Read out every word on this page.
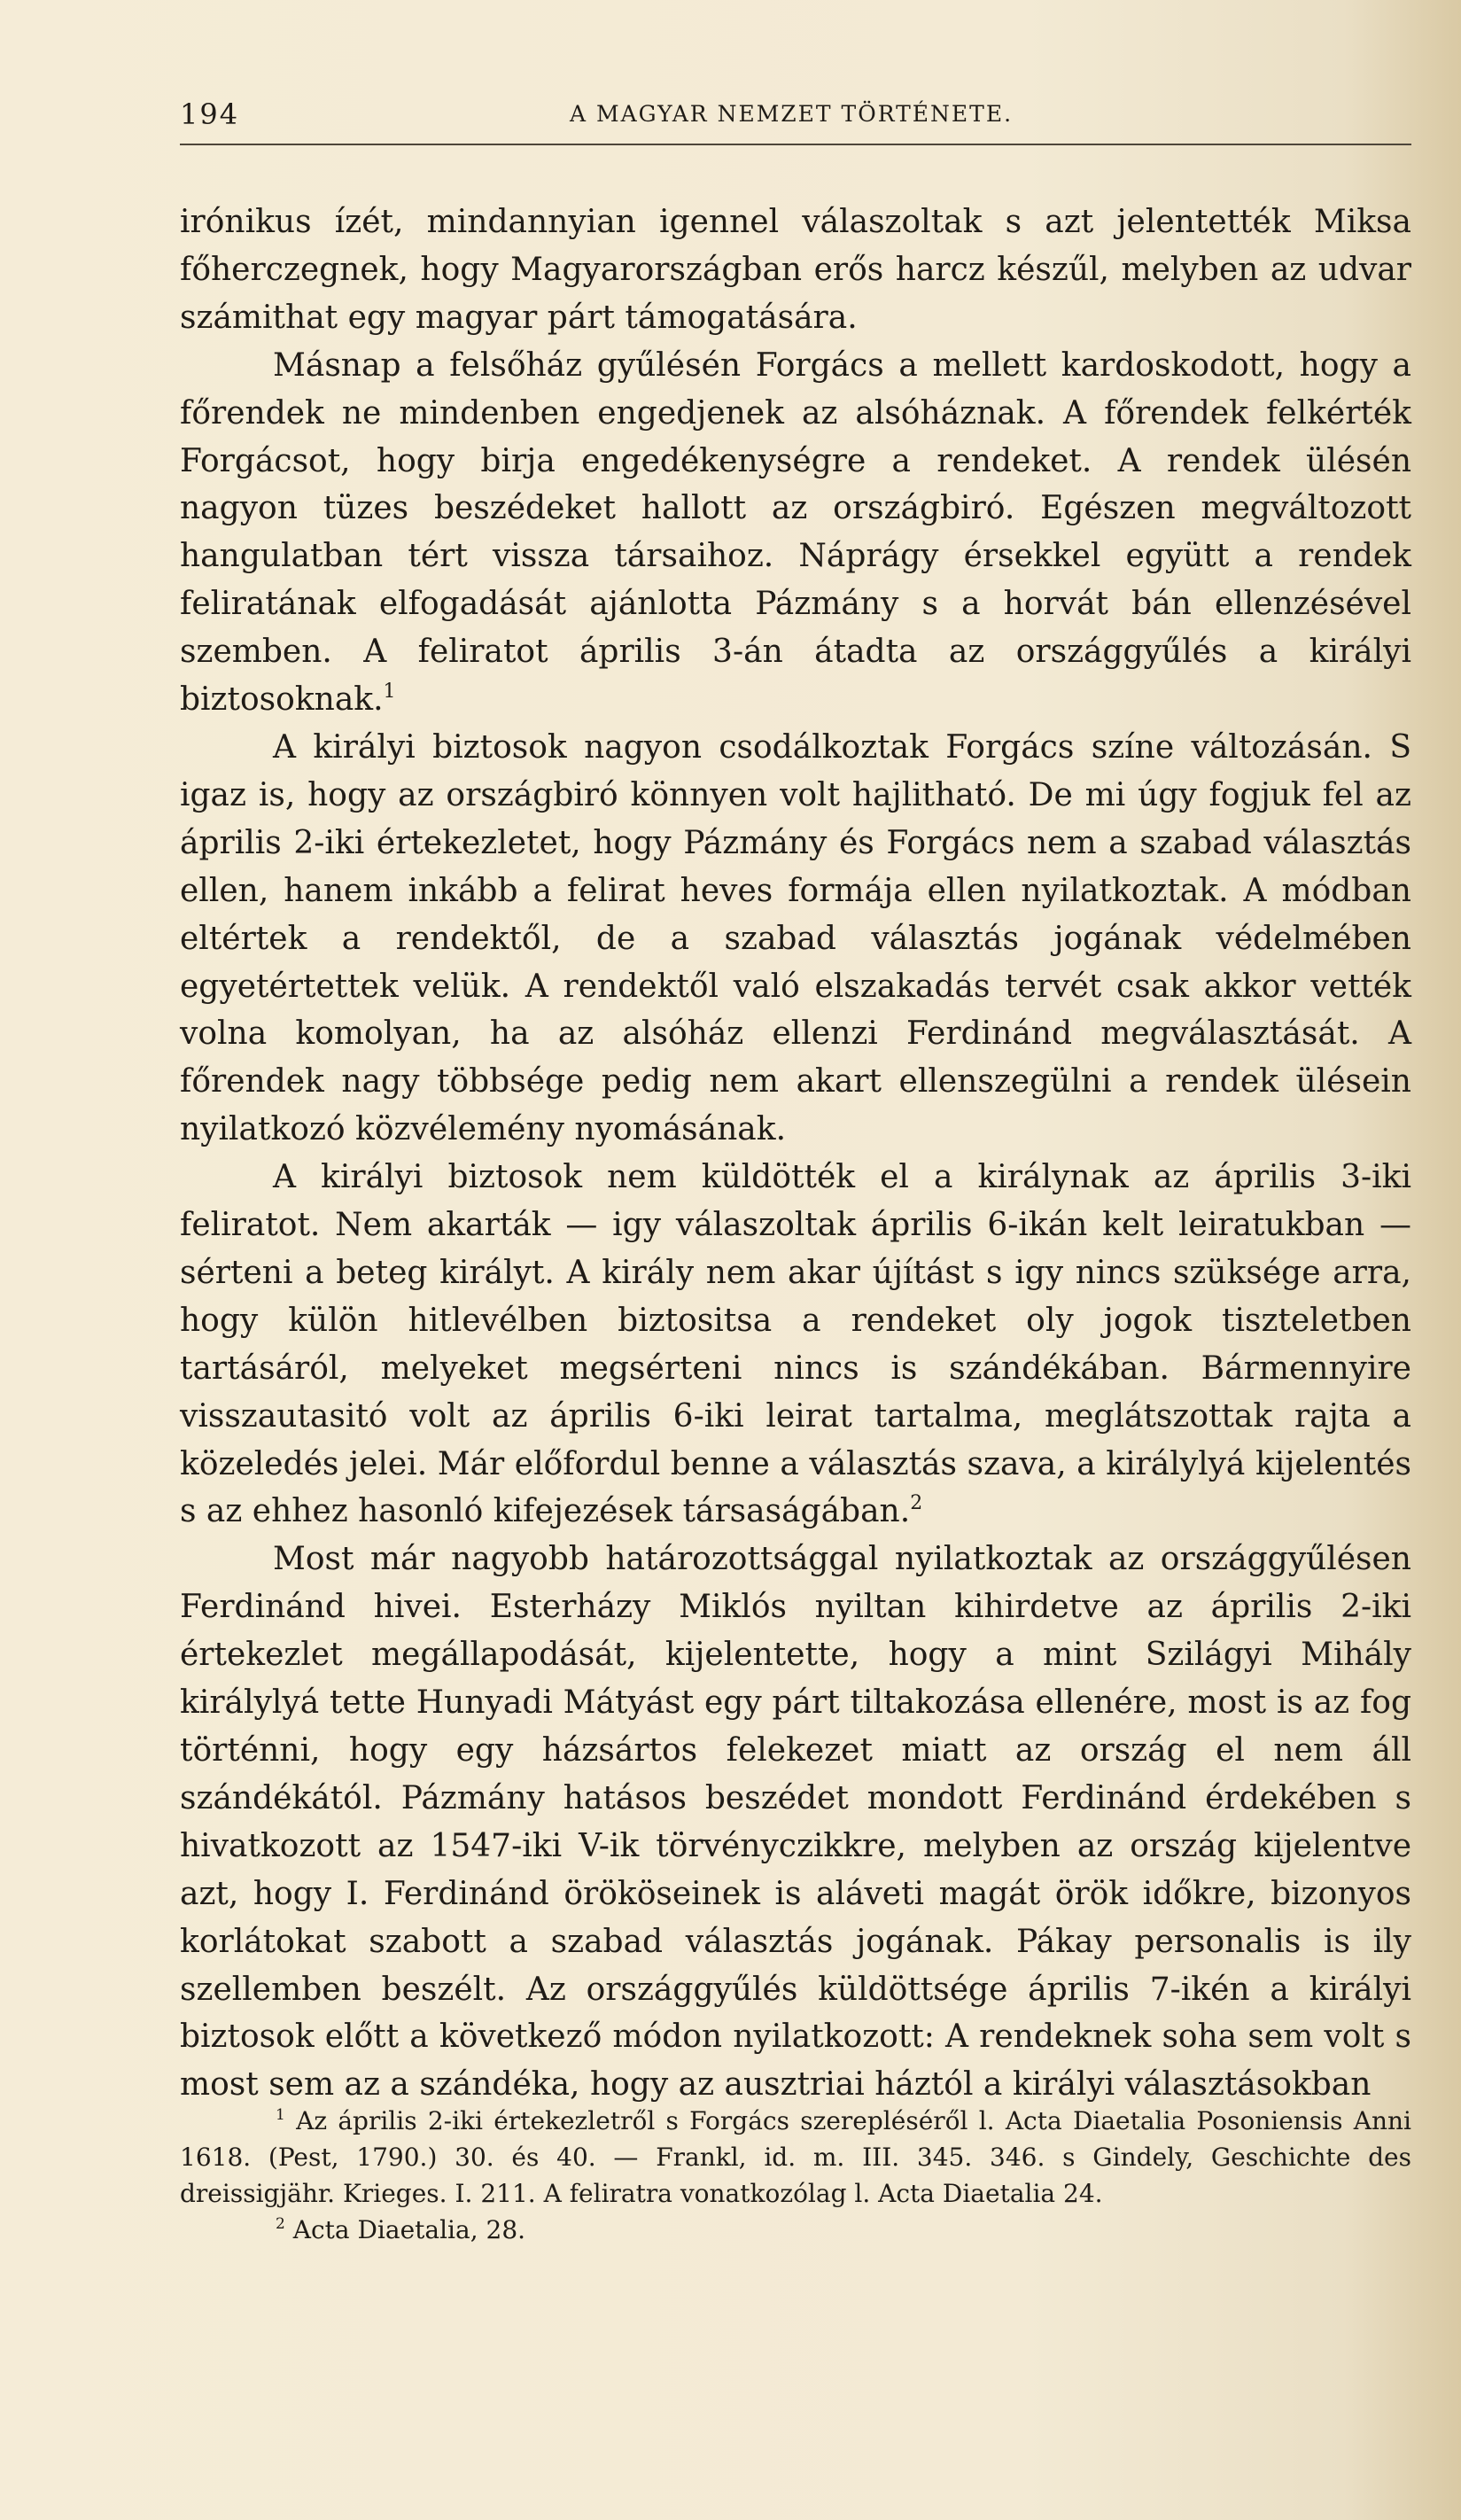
194	A MAGYAR NEMZET TÖRTÉNETE.

irónikus ízét, mindannyian igennel válaszoltak s azt jelentették Miksa főherczegnek, hogy Magyarországban erős harcz készűl, melyben az udvar számithat egy magyar párt támogatására.

Másnap a felsőház gyűlésén Forgács a mellett kardoskodott, hogy a főrendek ne mindenben engedjenek az alsóháznak. A főrendek felkérték Forgácsot, hogy birja engedékenységre a rendeket. A rendek ülésén nagyon tüzes beszédeket hallott az országbiró. Egészen megváltozott hangulatban tért vissza társaihoz. Náprágy érsekkel együtt a rendek feliratának elfogadását ajánlotta Pázmány s a horvát bán ellenzésével szemben. A feliratot április 3-án átadta az országgyűlés a királyi biztosoknak.$^1$

A királyi biztosok nagyon csodálkoztak Forgács színe változásán. S igaz is, hogy az országbiró könnyen volt hajlitható. De mi úgy fogjuk fel az április 2-iki értekezletet, hogy Pázmány és Forgács nem a szabad választás ellen, hanem inkább a felirat heves formája ellen nyilatkoztak. A módban eltértek a rendektől, de a szabad választás jogának védelmében egyetértettek velük. A rendektől való elszakadás tervét csak akkor vették volna komolyan, ha az alsóház ellenzi Ferdinánd megválasztását. A főrendek nagy többsége pedig nem akart ellenszegülni a rendek ülésein nyilatkozó közvélemény nyomásának.

A királyi biztosok nem küldötték el a királynak az április 3-iki feliratot. Nem akarták — igy válaszoltak április 6-ikán kelt leiratukban — sérteni a beteg királyt. A király nem akar újítást s igy nincs szüksége arra, hogy külön hitlevélben biztositsa a rendeket oly jogok tiszteletben tartásáról, melyeket megsérteni nincs is szándékában. Bármennyire visszautasitó volt az április 6-iki leirat tartalma, meglátszottak rajta a közeledés jelei. Már előfordul benne a választás szava, a királylyá kijelentés s az ehhez hasonló kifejezések társaságában.$^2$

Most már nagyobb határozottsággal nyilatkoztak az országgyűlésen Ferdinánd hivei. Esterházy Miklós nyiltan kihirdetve az április 2-iki értekezlet megállapodását, kijelentette, hogy a mint Szilágyi Mihály királylyá tette Hunyadi Mátyást egy párt tiltakozása ellenére, most is az fog történni, hogy egy házsártos felekezet miatt az ország el nem áll szándékától. Pázmány hatásos beszédet mondott Ferdinánd érdekében s hivatkozott az 1547-iki V-ik törvényczikkre, melyben az ország kijelentve azt, hogy I. Ferdinánd örököseinek is aláveti magát örök időkre, bizonyos korlátokat szabott a szabad választás jogának. Pákay personalis is ily szellemben beszélt. Az országgyűlés küldöttsége április 7-ikén a királyi biztosok előtt a következő módon nyilatkozott: A rendeknek soha sem volt s most sem az a szándéka, hogy az ausztriai háztól a királyi választásokban

$^1$ Az április 2-iki értekezletről s Forgács szerepléséről l. Acta Diaetalia Posoniensis Anni 1618. (Pest, 1790.) 30. és 40. — Frankl, id. m. III. 345. 346. s Gindely, Geschichte des dreissigjähr. Krieges. I. 211. A feliratra vonatkozólag l. Acta Diaetalia 24.

$^2$ Acta Diaetalia, 28.
